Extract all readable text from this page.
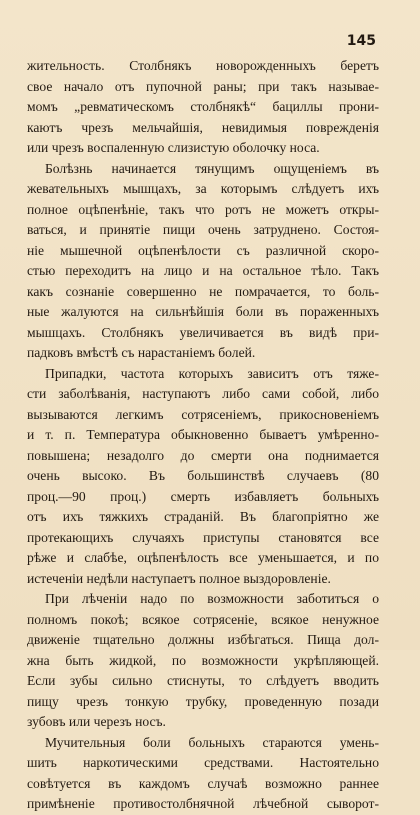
145
жительность. Столбнякъ новорожденныхъ беретъ
свое начало отъ пупочной раны; при такъ называе-
момъ „ревматическомъ столбнякѣ“ бациллы прони-
каютъ чрезъ мельчайшія, невидимыя поврежденія
или чрезъ воспаленную слизистую оболочку носа.
Болѣзнь начинается тянущимъ ощущеніемъ въ
жевательныхъ мышцахъ, за которымъ слѣдуетъ ихъ
полное оцѣпенѣніе, такъ что ротъ не можетъ откры-
ваться, и принятіе пищи очень затруднено. Состоя-
ніе мышечной оцѣпенѣлости съ различной скоро-
стью переходитъ на лицо и на остальное тѣло. Такъ
какъ сознаніе совершенно не помрачается, то боль-
ные жалуются на сильнѣйшія боли въ пораженныхъ
мышцахъ. Столбнякъ увеличивается въ видѣ при-
падковъ вмѣстѣ съ нарастаніемъ болей.
Припадки, частота которыхъ зависитъ отъ тяже-
сти заболѣванія, наступаютъ либо сами собой, либо
вызываются легкимъ сотрясеніемъ, прикосновеніемъ
и т. п. Температура обыкновенно бываетъ умѣренно-
повышена; незадолго до смерти она поднимается
очень высоко. Въ большинствѣ случаевъ (80
проц.—90 проц.) смерть избавляетъ больныхъ
отъ ихъ тяжкихъ страданій. Въ благопріятно же
протекающихъ случаяхъ приступы становятся все
рѣже и слабѣе, оцѣпенѣлость все уменьшается, и по
истеченіи недѣли наступаетъ полное выздоровленіе.
При лѣченіи надо по возможности заботиться о
полномъ покоѣ; всякое сотрясеніе, всякое ненужное
движеніе тщательно должны избѣгаться. Пища дол-
жна быть жидкой, по возможности укрѣпляющей.
Если зубы сильно стиснуты, то слѣдуетъ вводить
пищу чрезъ тонкую трубку, проведенную позади
зубовъ или черезъ носъ.
Мучительныя боли больныхъ стараются умень-
шить наркотическими средствами. Настоятельно
совѣтуется въ каждомъ случаѣ возможно раннее
примѣненіе противостолбнячной лѣчебной сыворот-
